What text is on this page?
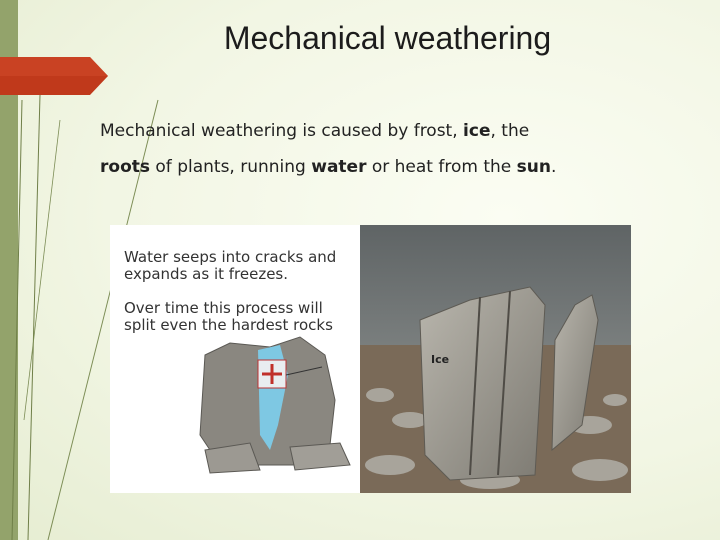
Mechanical weathering
Mechanical weathering is caused by frost, ice, the
roots of plants, running water or heat from the sun.
Water seeps into cracks and
expands as it freezes.
Over time this process will
split even the hardest rocks
Ice
